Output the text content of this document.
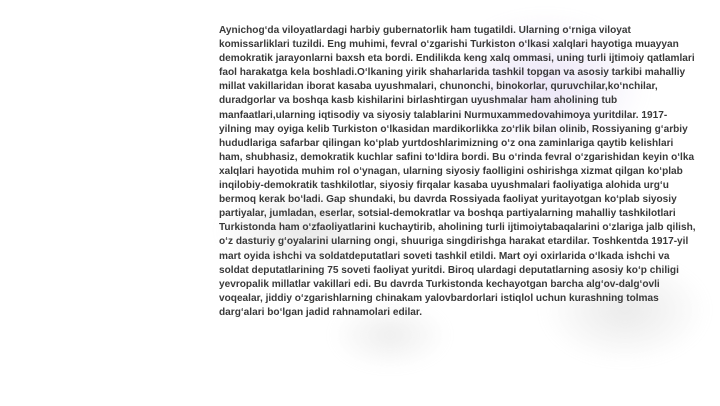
Aynichog‘da viloyatlardagi harbiy gubernatorlik ham tugatildi. Ularning o‘rniga viloyat komissarliklari tuzildi. Eng muhimi, fevral o‘zgarishi Turkiston o‘lkasi xalqlari hayotiga muayyan demokratik jarayonlarni baxsh eta bordi. Endilikda keng xalq ommasi, uning turli ijtimoiy qatlamlari faol harakatga kela boshladi.O‘lkaning yirik shaharlarida tashkil topgan va asosiy tarkibi mahalliy millat vakillaridan iborat kasaba uyushmalari, chunonchi, binokorlar, quruvchilar,ko‘nchilar, duradgorlar va boshqa kasb kishilarini birlashtirgan uyushmalar ham aholining tub manfaatlari,ularning iqtisodiy va siyosiy talablarini Nurmuxammedovahimoya yuritdilar. 1917-yilning may oyiga kelib Turkiston o‘lkasidan mardikorlikka zo‘rlik bilan olinib, Rossiyaning g‘arbiy hududlariga safarbar qilingan ko‘plab yurtdoshlarimizning o‘z ona zaminlariga qaytib kelishlari ham, shubhasiz, demokratik kuchlar safini to‘ldira bordi. Bu o‘rinda fevral o‘zgarishidan keyin o‘lka xalqlari hayotida muhim rol o‘ynagan, ularning siyosiy faolligini oshirishga xizmat qilgan ko‘plab inqilobiy-demokratik tashkilotlar, siyosiy firqalar kasaba uyushmalari faoliyatiga alohida urg‘u bermoq kerak bo‘ladi. Gap shundaki, bu davrda Rossiyada faoliyat yuritayotgan ko‘plab siyosiy partiyalar, jumladan, eserlar, sotsial-demokratlar va boshqa partiyalarning mahalliy tashkilotlari Turkistonda ham o‘zfaoliyatlarini kuchaytirib, aholining turli ijtimoiytabaqalarini o‘zlariga jalb qilish, o‘z dasturiy g‘oyalarini ularning ongi, shuuriga singdirishga harakat etardilar. Toshkentda 1917-yil mart oyida ishchi va soldatdeputatlari soveti tashkil etildi. Mart oyi oxirlarida o‘lkada ishchi va soldat deputatlarining 75 soveti faoliyat yuritdi. Biroq ulardagi deputatlarning asosiy ko‘p chiligi yevropalik millatlar vakillari edi. Bu davrda Turkistonda kechayotgan barcha alg‘ov-dalg‘ovli voqealar, jiddiy o‘zgarishlarning chinakam yalovbardorlari istiqlol uchun kurashning tolmas darg‘alari bo‘lgan jadid rahnamolari edilar.
